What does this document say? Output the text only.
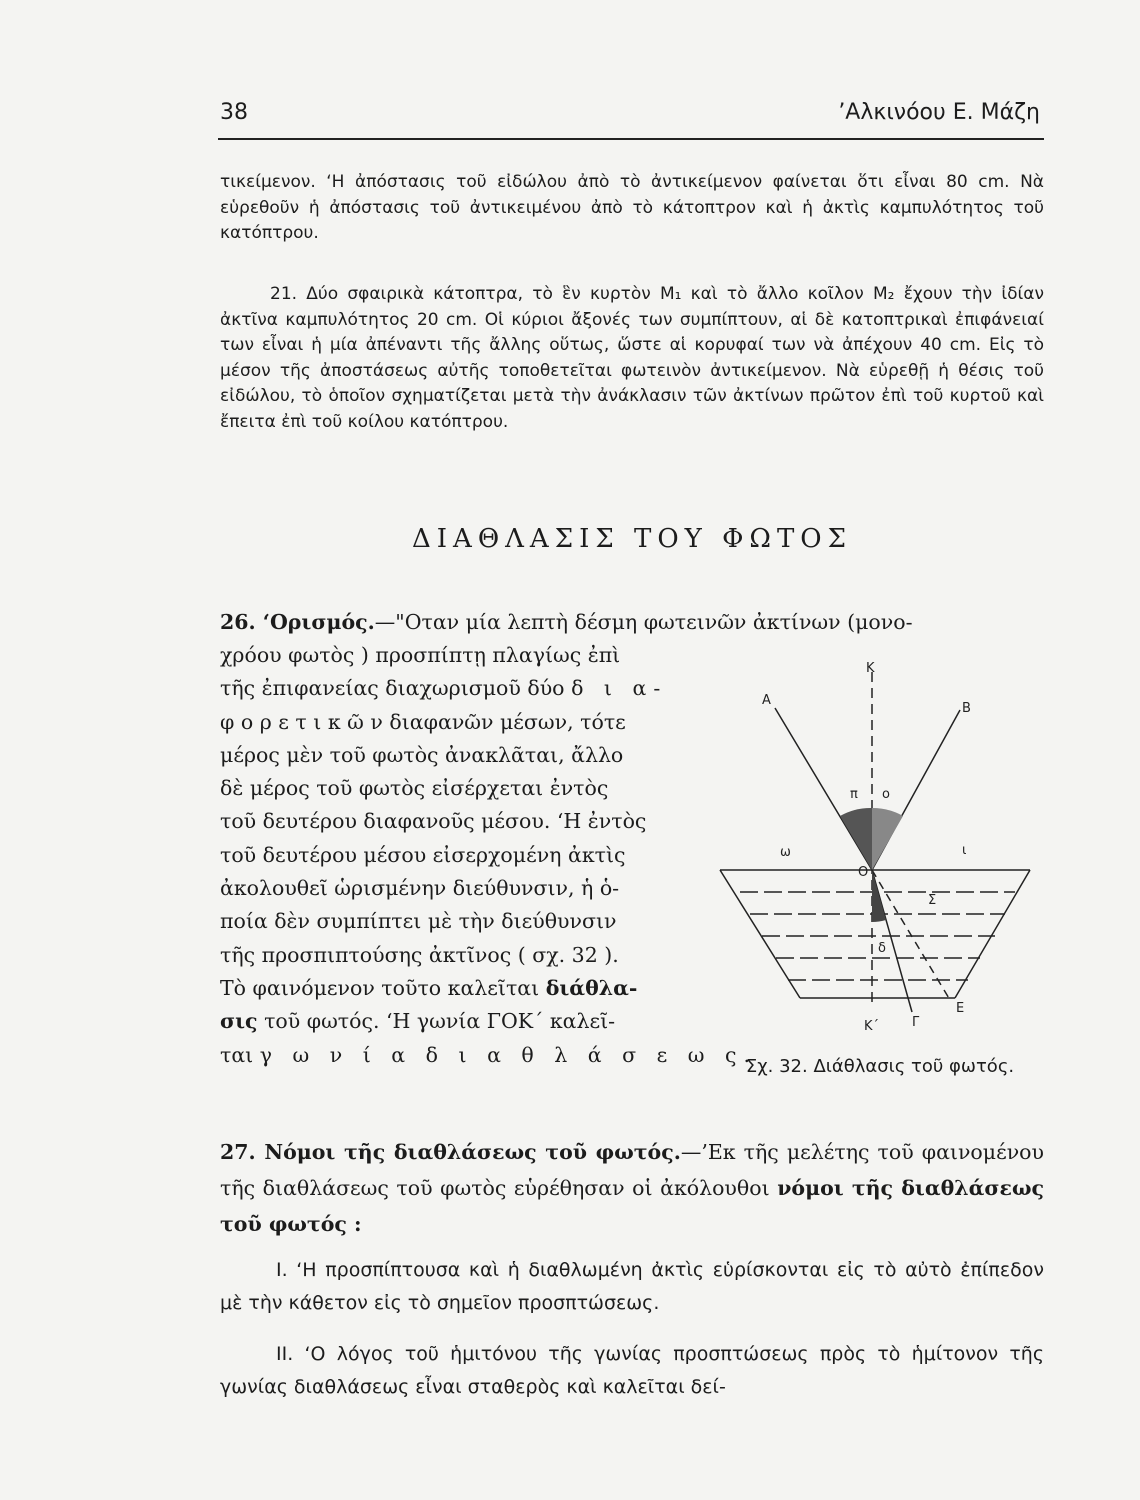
38	’Αλκινόου Ε. Μάζη
τικείμενον. ‘Η ἀπόστασις τοῦ εἰδώλου ἀπὸ τὸ ἀντικείμενον φαίνεται ὅτι εἶναι 80 cm. Νὰ εὑρεθοῦν ἡ ἀπόστασις τοῦ ἀντικειμένου ἀπὸ τὸ κάτοπτρον καὶ ἡ ἀκτὶς καμπυλότητος τοῦ κατόπτρου.
21. Δύο σφαιρικὰ κάτοπτρα, τὸ ἓν κυρτὸν M₁ καὶ τὸ ἄλλο κοῖλον M₂ ἔχουν τὴν ἰδίαν ἀκτῖνα καμπυλότητος 20 cm. Οἱ κύριοι ἄξονές των συμπίπτουν, αἱ δὲ κατοπτρικαὶ ἐπιφάνειαί των εἶναι ἡ μία ἀπέναντι τῆς ἄλλης οὕτως, ὥστε αἱ κορυφαί των νὰ ἀπέχουν 40 cm. Εἰς τὸ μέσον τῆς ἀποστάσεως αὐτῆς τοποθετεῖται φωτεινὸν ἀντικείμενον. Νὰ εὑρεθῇ ἡ θέσις τοῦ εἰδώλου, τὸ ὁποῖον σχηματίζεται μετὰ τὴν ἀνάκλασιν τῶν ἀκτίνων πρῶτον ἐπὶ τοῦ κυρτοῦ καὶ ἔπειτα ἐπὶ τοῦ κοίλου κατόπτρου.
ΔΙΑΘΛΑΣΙΣ ΤΟΥ ΦΩΤΟΣ
26. ‘Ορισμός.—"Οταν μία λεπτὴ δέσμη φωτεινῶν ἀκτίνων (μονο-
χρόου φωτὸς ) προσπίπτῃ πλαγίως ἐπὶ
τῆς ἐπιφανείας διαχωρισμοῦ δύο δ ι α-
φ ο ρ ε τ ι κ ῶ ν διαφανῶν μέσων, τότε
μέρος μὲν τοῦ φωτὸς ἀνακλᾶται, ἄλλο
δὲ μέρος τοῦ φωτὸς εἰσέρχεται ἐντὸς
τοῦ δευτέρου διαφανοῦς μέσου. ‘Η ἐντὸς
τοῦ δευτέρου μέσου εἰσερχομένη ἀκτὶς
ἀκολουθεῖ ὡρισμένην διεύθυνσιν, ἡ ὁ-
ποία δὲν συμπίπτει μὲ τὴν διεύθυνσιν
τῆς προσπιπτούσης ἀκτῖνος ( σχ. 32 ).
Τὸ φαινόμενον τοῦτο καλεῖται διάθλα-
σις τοῦ φωτός. ‘Η γωνία ΓΟΚ΄ καλεῖ-
ται γ ω ν ί α δ ι α θ λ ά σ ε ω ς.
Κ
Α
Β
π ο
Ο
ι
δ
Γ
Κ΄
Ε
ω
Σ
Σχ. 32. Διάθλασις τοῦ φωτός.
27. Νόμοι τῆς διαθλάσεως τοῦ φωτός.—’Εκ τῆς μελέτης τοῦ φαινομένου τῆς διαθλάσεως τοῦ φωτὸς εὑρέθησαν οἱ ἀκόλουθοι νόμοι τῆς διαθλάσεως τοῦ φωτός :
I. ‘Η προσπίπτουσα καὶ ἡ διαθλωμένη ἀκτὶς εὑρίσκονται εἰς τὸ αὐτὸ ἐπίπεδον μὲ τὴν κάθετον εἰς τὸ σημεῖον προσπτώσεως.
II. ‘Ο λόγος τοῦ ἡμιτόνου τῆς γωνίας προσπτώσεως πρὸς τὸ ἡμίτονον τῆς γωνίας διαθλάσεως εἶναι σταθερὸς καὶ καλεῖται δεί-
